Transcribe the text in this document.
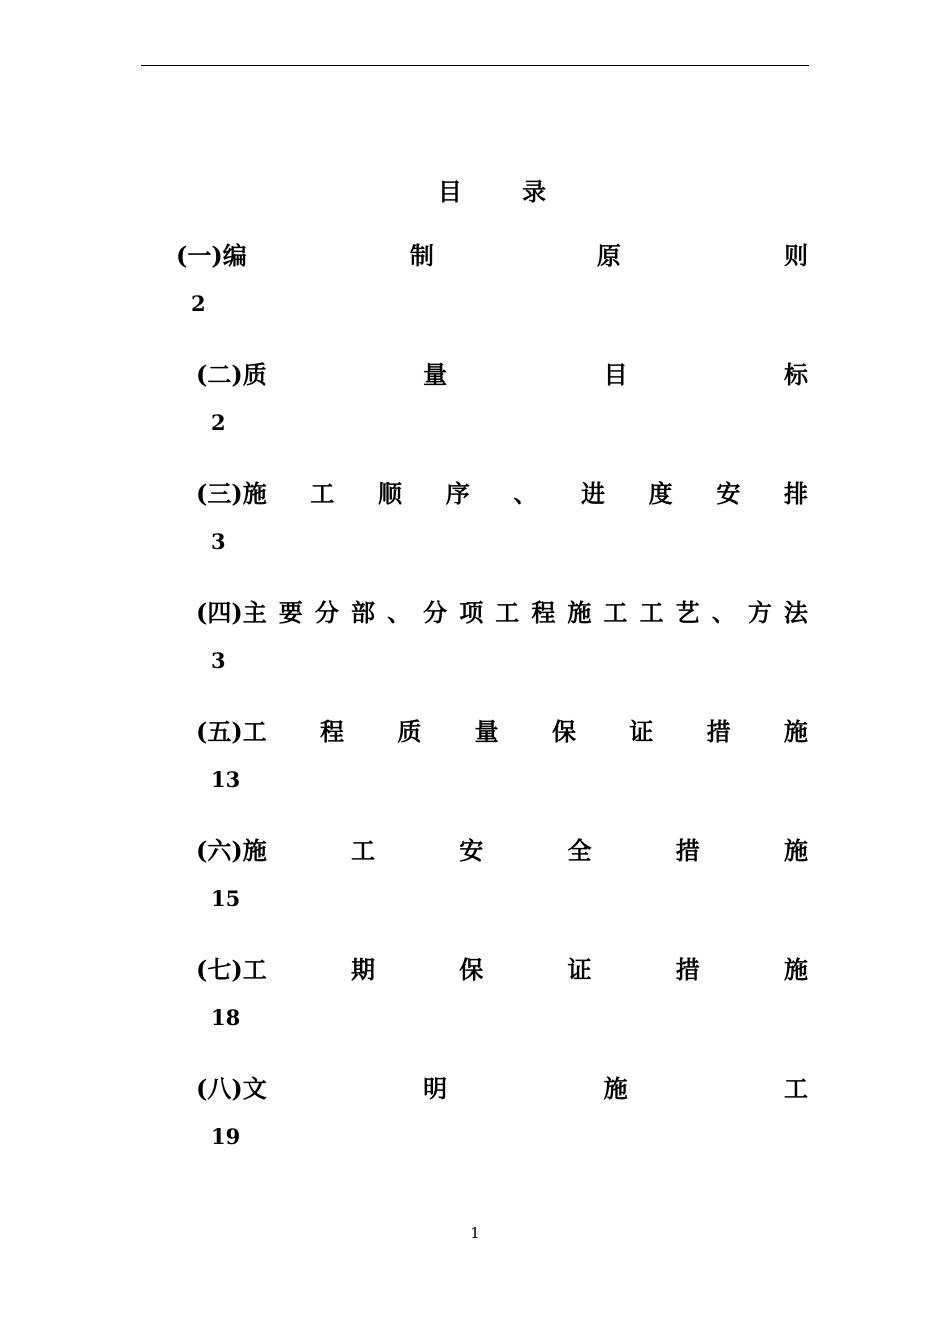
目 录
(一)编	制	原	则
2
(二)质	量	目	标
2
(三)施 工 顺 序 、 进 度 安 排
3
(四)主 要 分 部 、 分 项 工 程 施 工 工 艺 、 方 法
3
(五)工 程 质 量 保 证 措 施
13
(六)施	工	安	全	措	施
15
(七)工	期	保	证	措	施
18
(八)文	明	施	工
19
1
